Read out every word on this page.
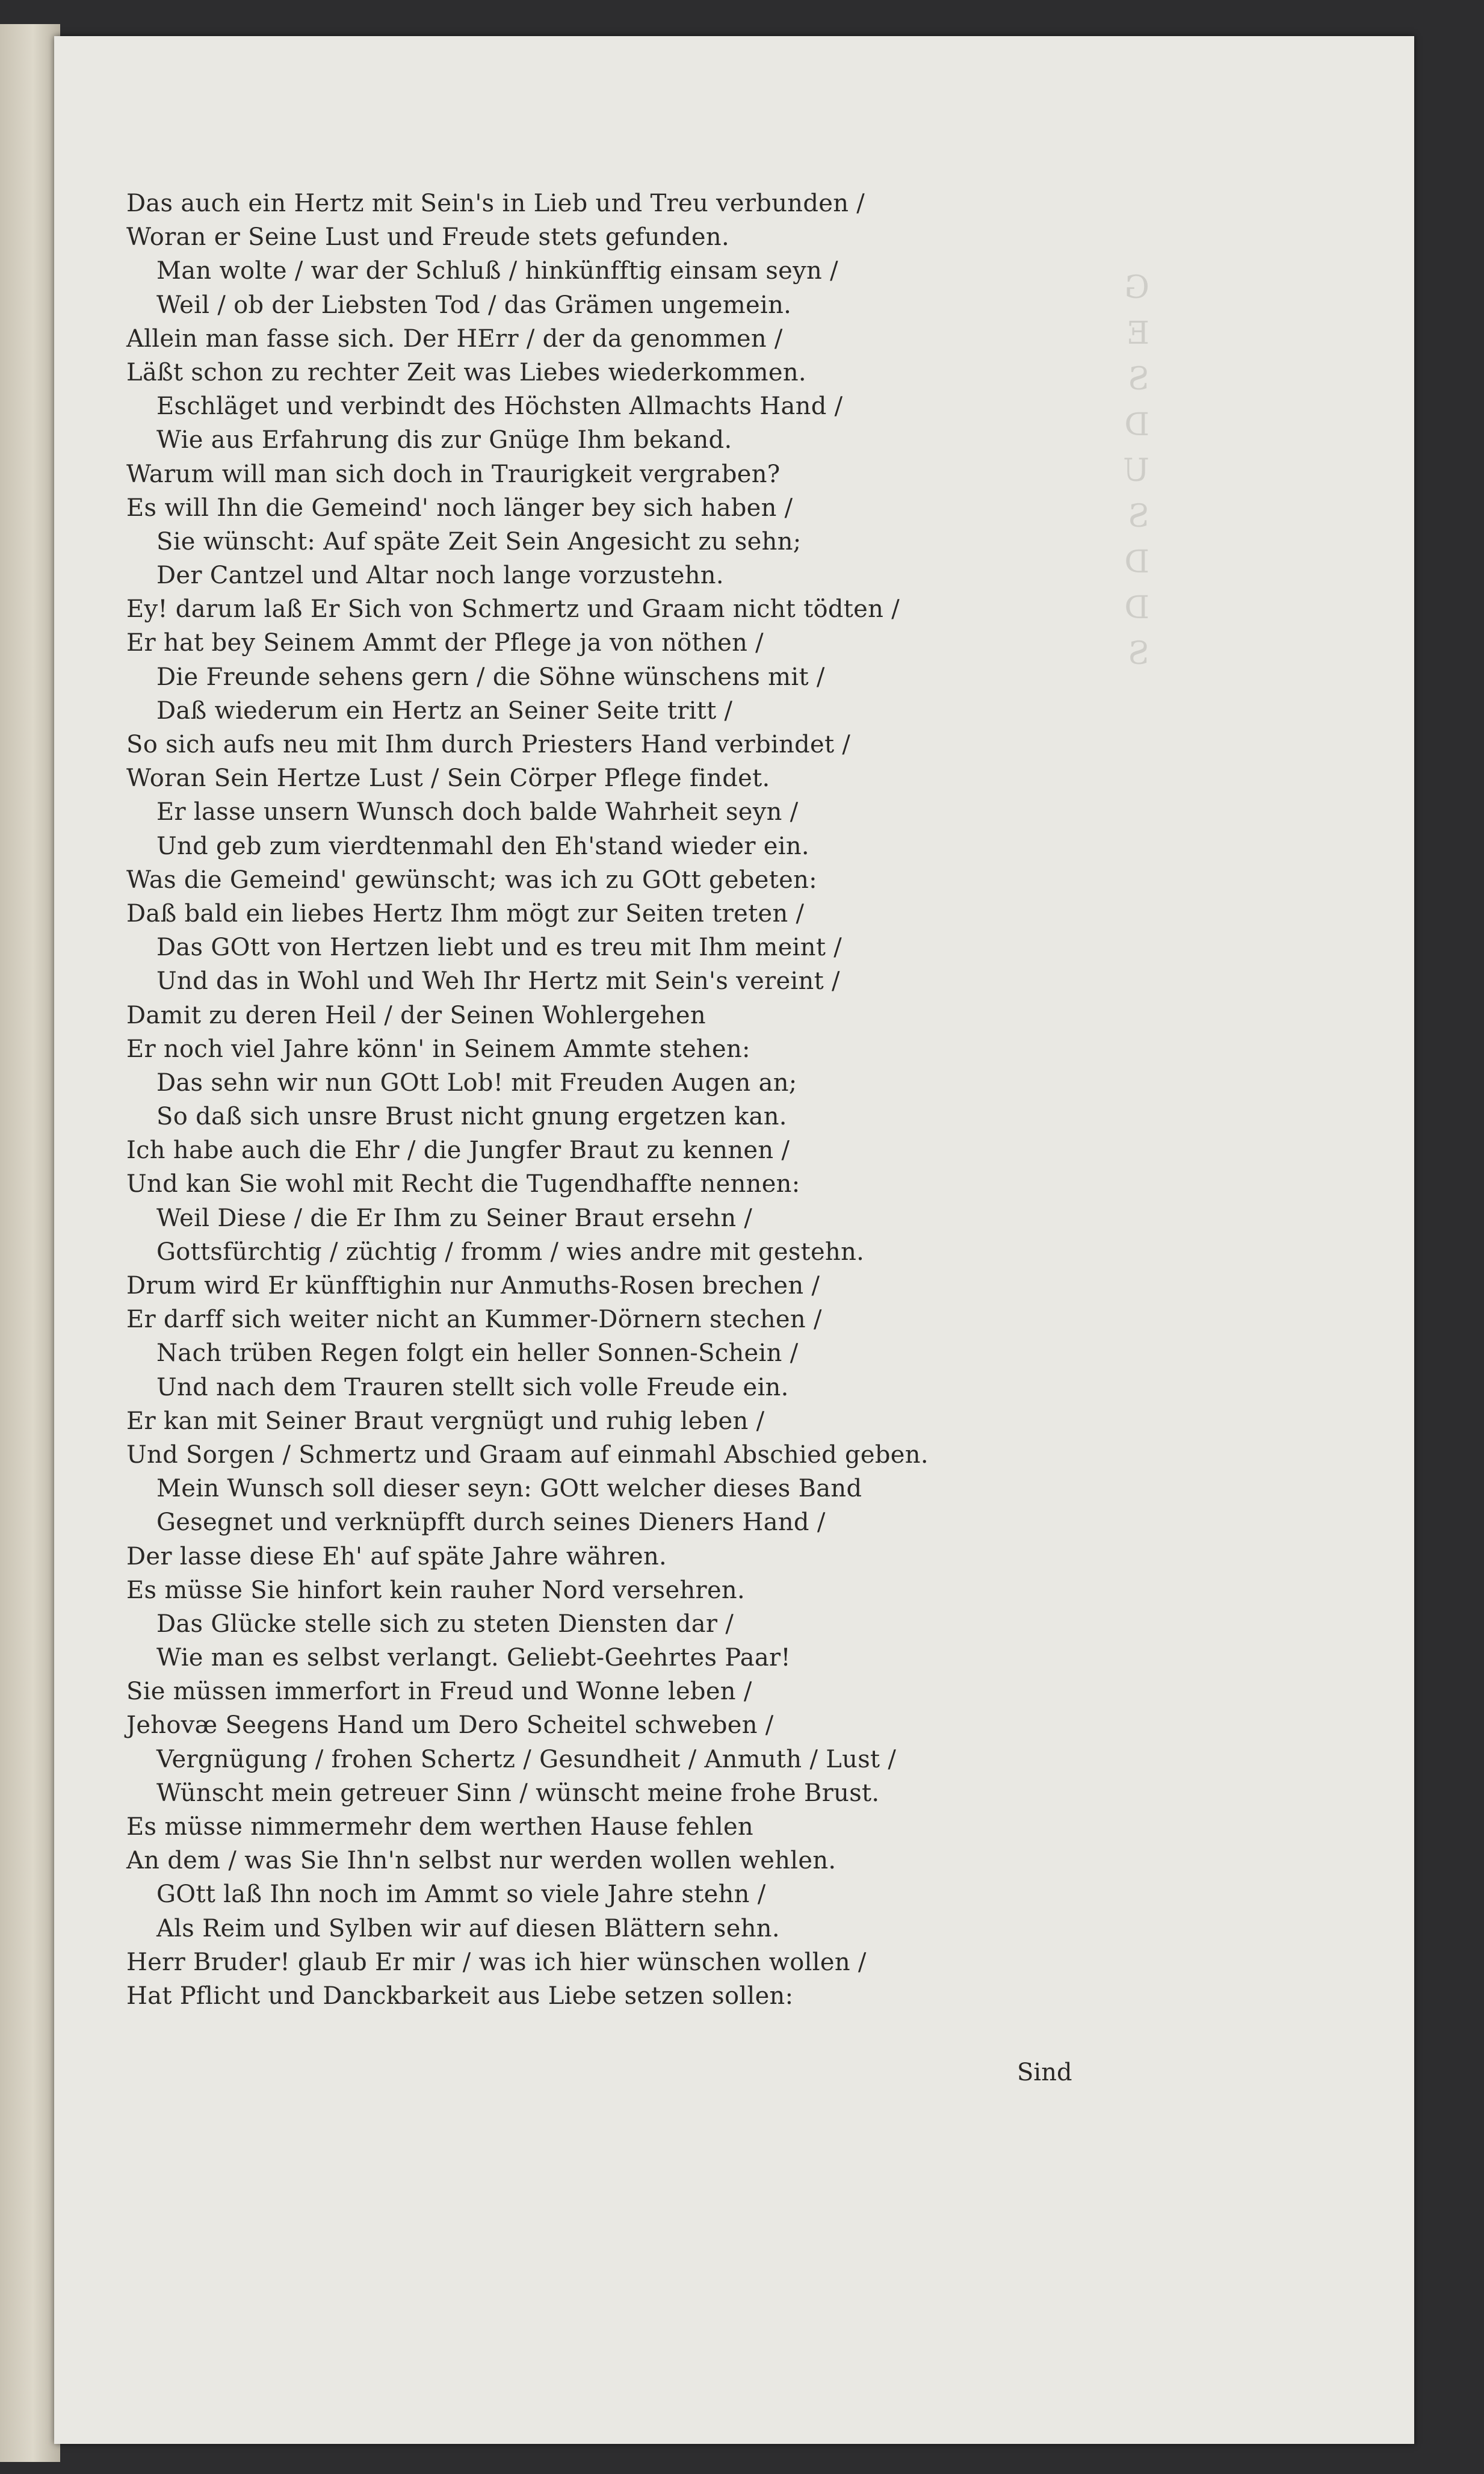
G
E
S
D
U
S
D
D
S
Das auch ein Hertz mit Sein's in Lieb und Treu verbunden /
Woran er Seine Lust und Freude stets gefunden.
Man wolte / war der Schluß / hinkünfftig einsam seyn /
Weil / ob der Liebsten Tod / das Grämen ungemein.
Allein man fasse sich. Der HErr / der da genommen /
Läßt schon zu rechter Zeit was Liebes wiederkommen.
Eschläget und verbindt des Höchsten Allmachts Hand /
Wie aus Erfahrung dis zur Gnüge Ihm bekand.
Warum will man sich doch in Traurigkeit vergraben?
Es will Ihn die Gemeind' noch länger bey sich haben /
Sie wünscht: Auf späte Zeit Sein Angesicht zu sehn;
Der Cantzel und Altar noch lange vorzustehn.
Ey! darum laß Er Sich von Schmertz und Graam nicht tödten /
Er hat bey Seinem Ammt der Pflege ja von nöthen /
Die Freunde sehens gern / die Söhne wünschens mit /
Daß wiederum ein Hertz an Seiner Seite tritt /
So sich aufs neu mit Ihm durch Priesters Hand verbindet /
Woran Sein Hertze Lust / Sein Cörper Pflege findet.
Er lasse unsern Wunsch doch balde Wahrheit seyn /
Und geb zum vierdtenmahl den Eh'stand wieder ein.
Was die Gemeind' gewünscht; was ich zu GOtt gebeten:
Daß bald ein liebes Hertz Ihm mögt zur Seiten treten /
Das GOtt von Hertzen liebt und es treu mit Ihm meint /
Und das in Wohl und Weh Ihr Hertz mit Sein's vereint /
Damit zu deren Heil / der Seinen Wohlergehen
Er noch viel Jahre könn' in Seinem Ammte stehen:
Das sehn wir nun GOtt Lob! mit Freuden Augen an;
So daß sich unsre Brust nicht gnung ergetzen kan.
Ich habe auch die Ehr / die Jungfer Braut zu kennen /
Und kan Sie wohl mit Recht die Tugendhaffte nennen:
Weil Diese / die Er Ihm zu Seiner Braut ersehn /
Gottsfürchtig / züchtig / fromm / wies andre mit gestehn.
Drum wird Er künfftighin nur Anmuths-Rosen brechen /
Er darff sich weiter nicht an Kummer-Dörnern stechen /
Nach trüben Regen folgt ein heller Sonnen-Schein /
Und nach dem Trauren stellt sich volle Freude ein.
Er kan mit Seiner Braut vergnügt und ruhig leben /
Und Sorgen / Schmertz und Graam auf einmahl Abschied geben.
Mein Wunsch soll dieser seyn: GOtt welcher dieses Band
Gesegnet und verknüpfft durch seines Dieners Hand /
Der lasse diese Eh' auf späte Jahre währen.
Es müsse Sie hinfort kein rauher Nord versehren.
Das Glücke stelle sich zu steten Diensten dar /
Wie man es selbst verlangt. Geliebt-Geehrtes Paar!
Sie müssen immerfort in Freud und Wonne leben /
Jehovæ Seegens Hand um Dero Scheitel schweben /
Vergnügung / frohen Schertz / Gesundheit / Anmuth / Lust /
Wünscht mein getreuer Sinn / wünscht meine frohe Brust.
Es müsse nimmermehr dem werthen Hause fehlen
An dem / was Sie Ihn'n selbst nur werden wollen wehlen.
GOtt laß Ihn noch im Ammt so viele Jahre stehn /
Als Reim und Sylben wir auf diesen Blättern sehn.
Herr Bruder! glaub Er mir / was ich hier wünschen wollen /
Hat Pflicht und Danckbarkeit aus Liebe setzen sollen:
Sind
